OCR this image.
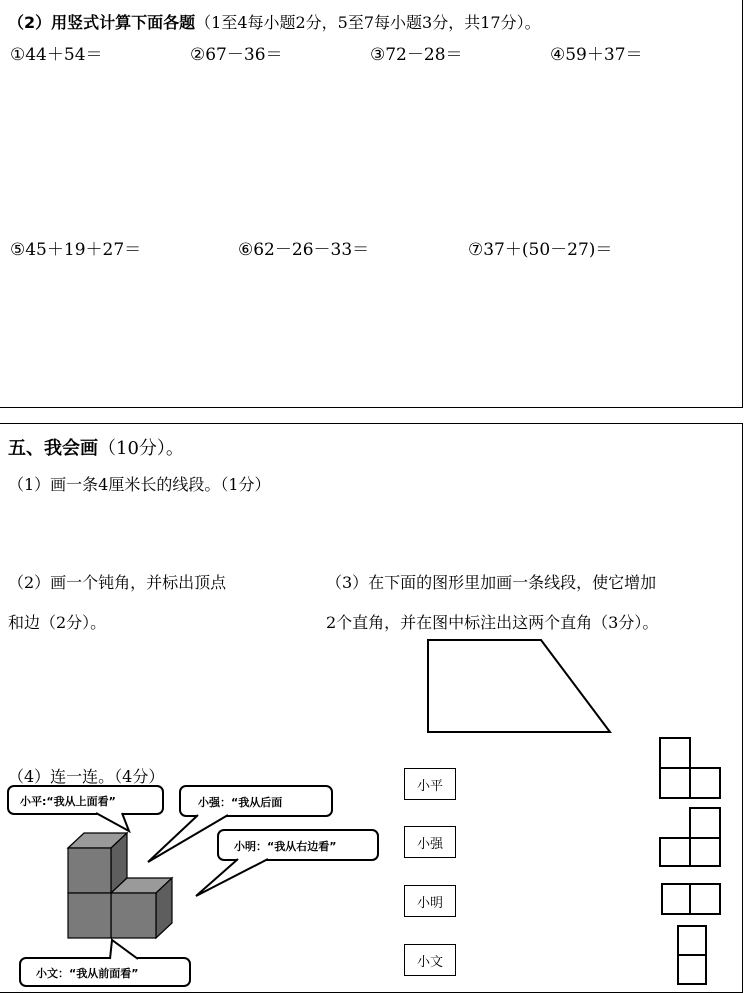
（2）用竖式计算下面各题（1至4每小题2分，5至7每小题3分，共17分）。
①44＋54＝	②67－36＝	③72－28＝	④59＋37＝
⑤45＋19＋27＝	⑥62－26－33＝	⑦37＋(50－27)＝
五、我会画（10分）。
（1）画一条4厘米长的线段。（1分）
（2）画一个钝角，并标出顶点
和边（2分）。
（3）在下面的图形里加画一条线段，使它增加
2个直角，并在图中标注出这两个直角（3分）。
（4）连一连。（4分）
小平:“我从上面看”	小强：“我从后面
小明：“我从右边看”
小文：“我从前面看”
小平
小强
小明
小文
